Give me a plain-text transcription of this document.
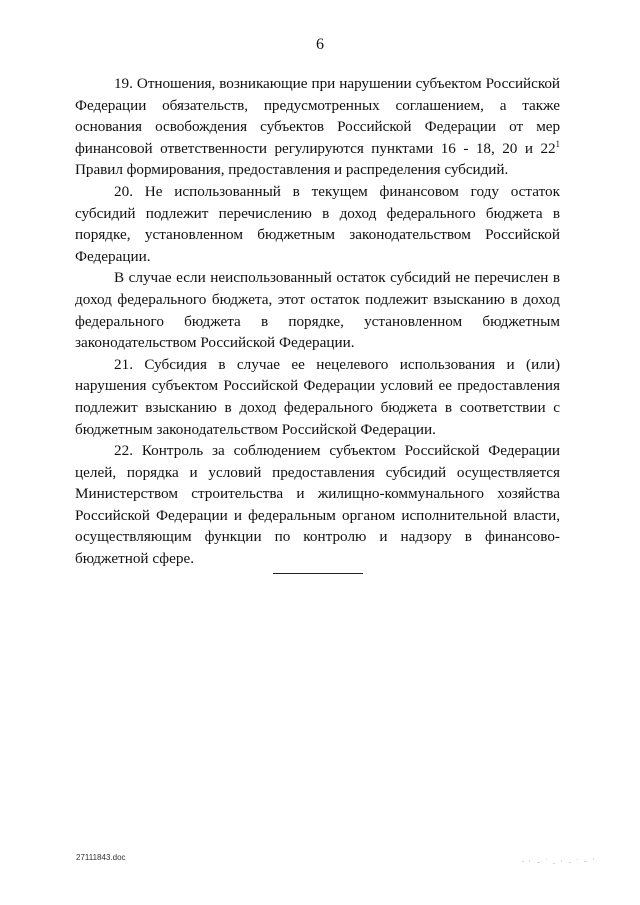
6

19. Отношения, возникающие при нарушении субъектом Российской Федерации обязательств, предусмотренных соглашением, а также основания освобождения субъектов Российской Федерации от мер финансовой ответственности регулируются пунктами 16 - 18, 20 и $22^1$ Правил формирования, предоставления и распределения субсидий.

20. Не использованный в текущем финансовом году остаток субсидий подлежит перечислению в доход федерального бюджета в порядке, установленном бюджетным законодательством Российской Федерации.

В случае если неиспользованный остаток субсидий не перечислен в доход федерального бюджета, этот остаток подлежит взысканию в доход федерального бюджета в порядке, установленном бюджетным законодательством Российской Федерации.

21. Субсидия в случае ее нецелевого использования и (или) нарушения субъектом Российской Федерации условий ее предоставления подлежит взысканию в доход федерального бюджета в соответствии с бюджетным законодательством Российской Федерации.

22. Контроль за соблюдением субъектом Российской Федерации целей, порядка и условий предоставления субсидий осуществляется Министерством строительства и жилищно-коммунального хозяйства Российской Федерации и федеральным органом исполнительной власти, осуществляющим функции по контролю и надзору в финансово-бюджетной сфере.

27111843.doc
